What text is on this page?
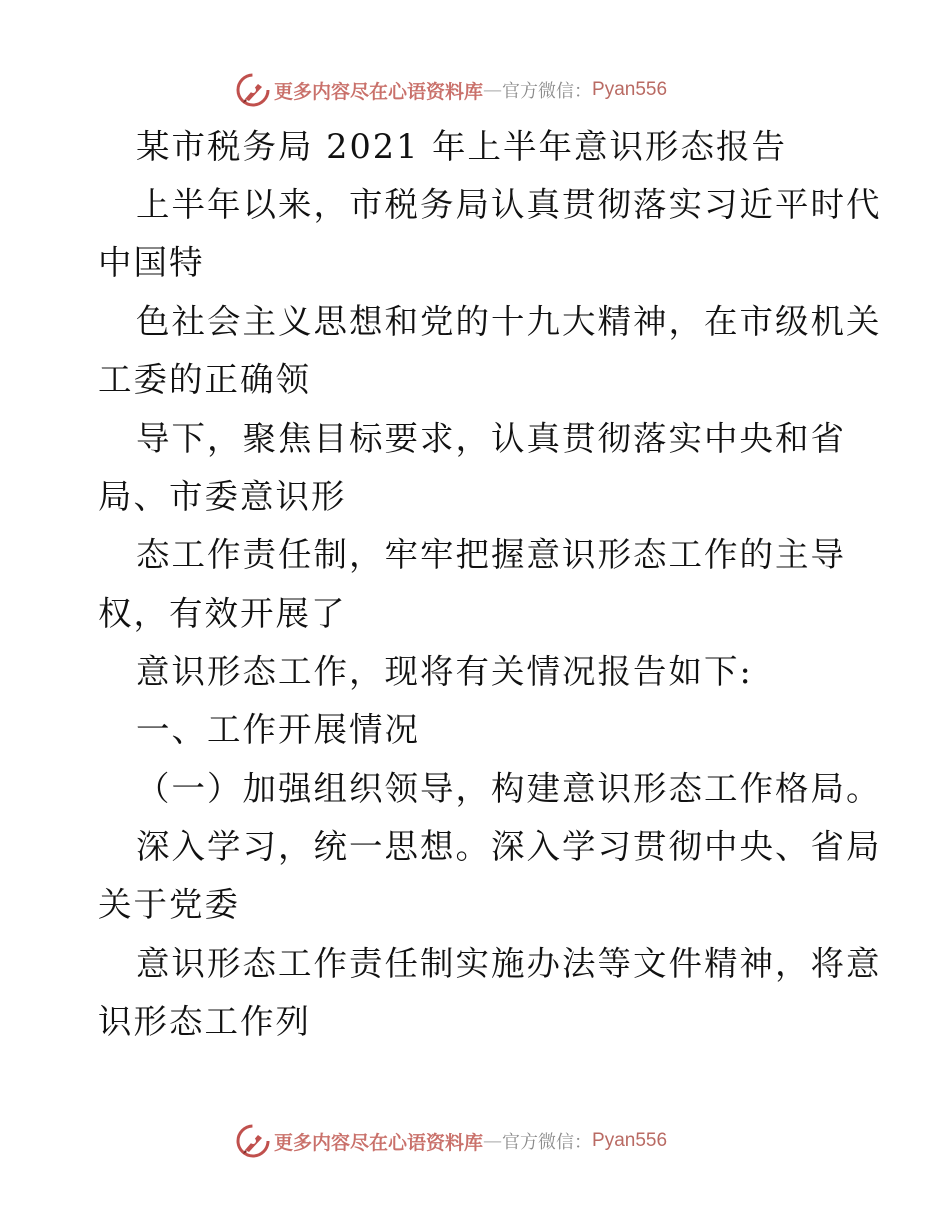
更多内容尽在心语资料库 — 官方微信： Pyan556
某市税务局 2021 年上半年意识形态报告
上半年以来，市税务局认真贯彻落实习近平时代
中国特
色社会主义思想和党的十九大精神，在市级机关
工委的正确领
导下，聚焦目标要求，认真贯彻落实中央和省
局、市委意识形
态工作责任制，牢牢把握意识形态工作的主导
权，有效开展了
意识形态工作，现将有关情况报告如下:
一、工作开展情况
（一）加强组织领导，构建意识形态工作格局。
深入学习，统一思想。深入学习贯彻中央、省局
关于党委
意识形态工作责任制实施办法等文件精神，将意
识形态工作列
更多内容尽在心语资料库 — 官方微信： Pyan556
